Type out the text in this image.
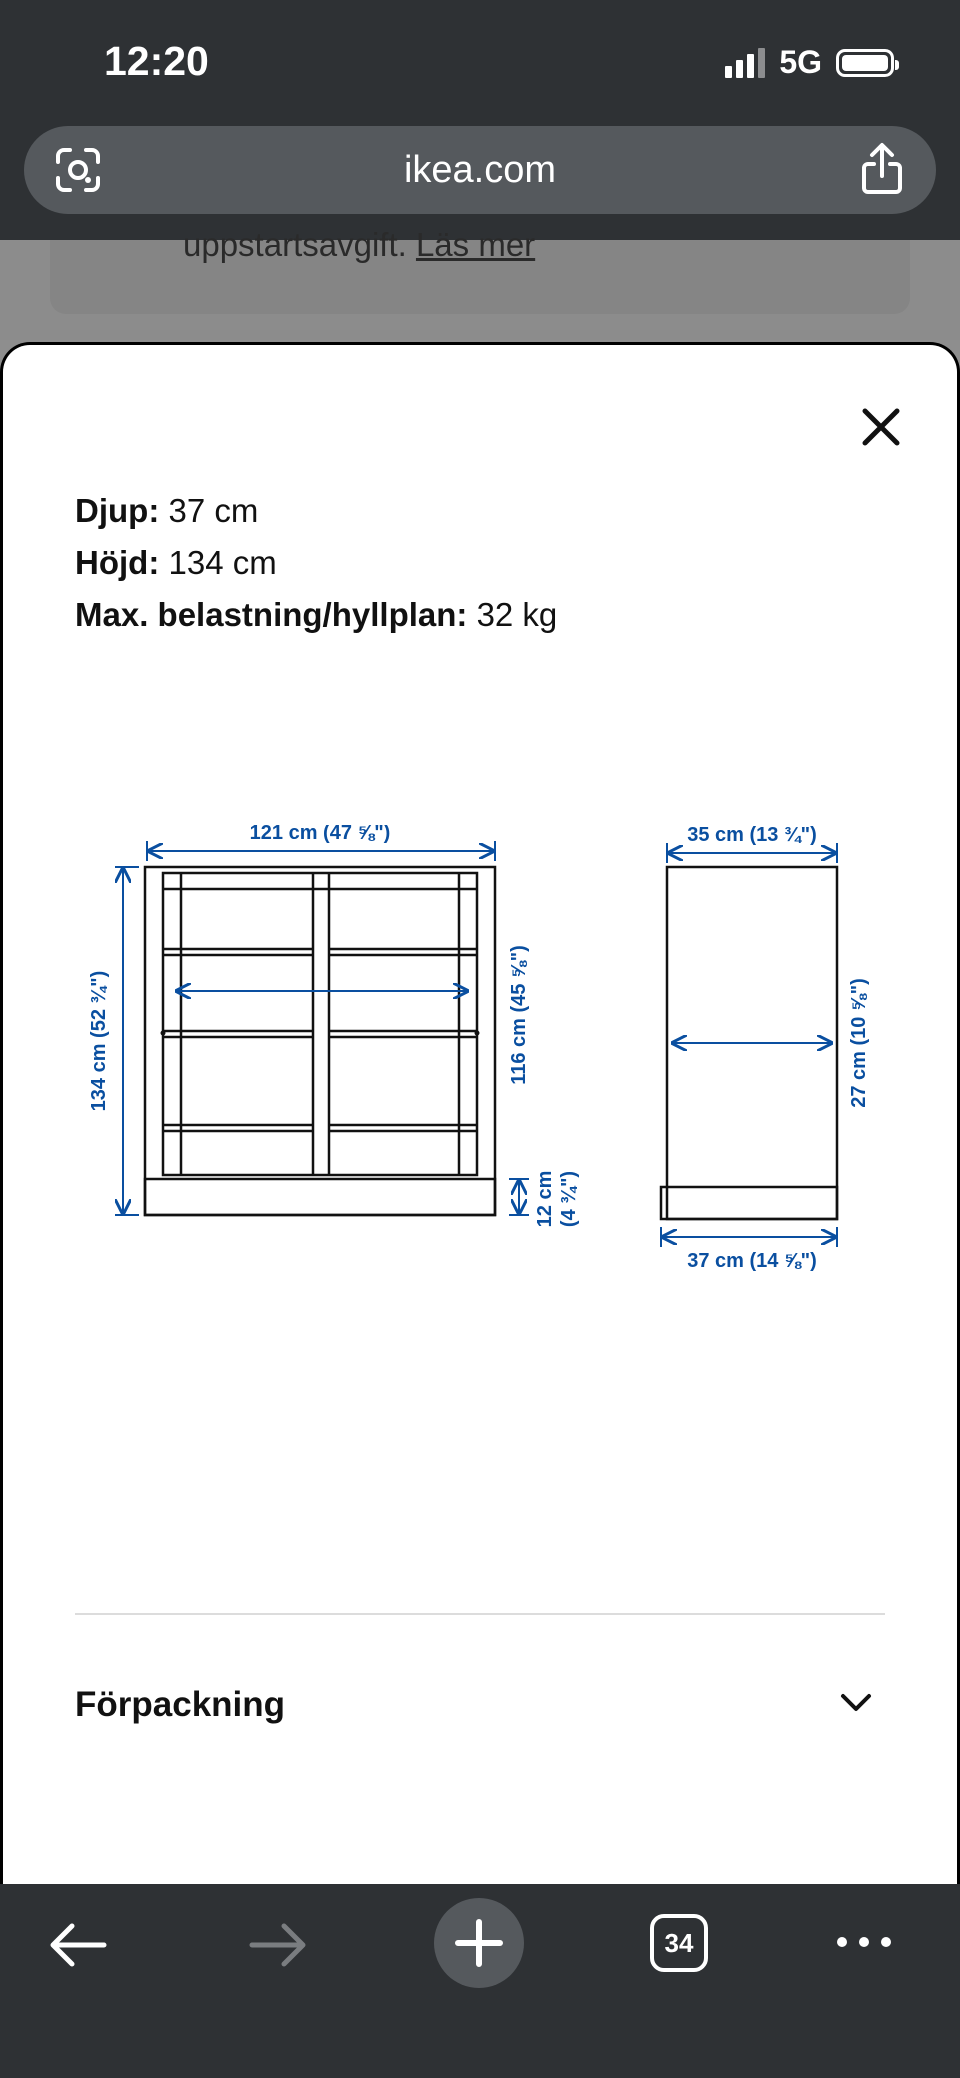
12:20	5G
ikea.com
uppstartsavgift. Läs mer
Djup: 37 cm
Höjd: 134 cm
Max. belastning/hyllplan: 32 kg
121 cm (47 ⅝")
134 cm (52 ¾")	116 cm (45 ⅝")
12 cm (4 ¾")
35 cm (13 ¾")
27 cm (10 ⅝")
37 cm (14 ⅝")
Förpackning
34
